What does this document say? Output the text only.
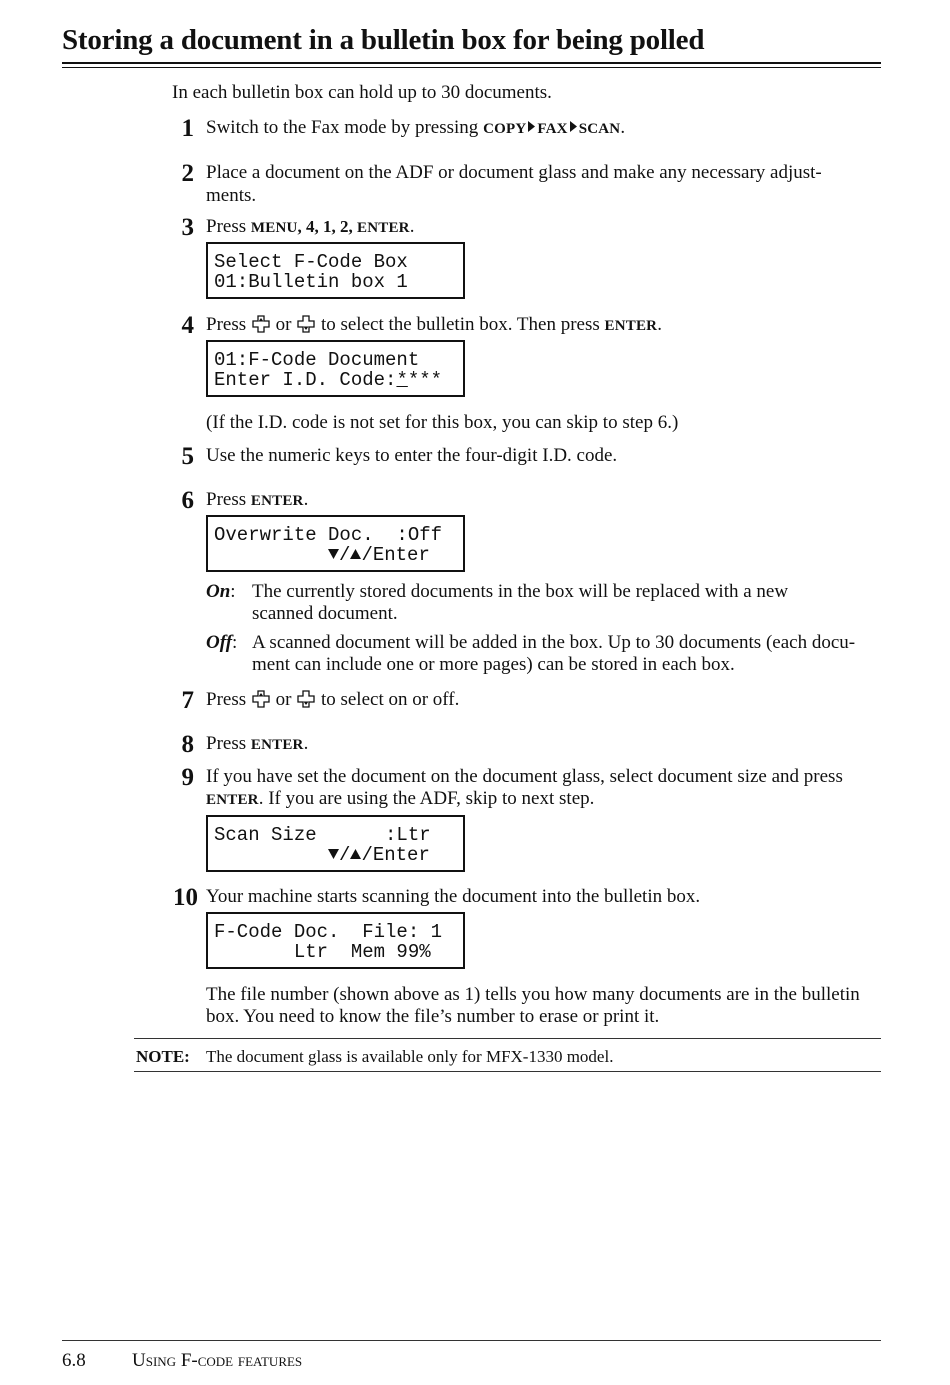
Storing a document in a bulletin box for being polled
In each bulletin box can hold up to 30 documents.
1 Switch to the Fax mode by pressing COPY FAX SCAN.
2 Place a document on the ADF or document glass and make any necessary adjust-
ments.
3 Press MENU, 4, 1, 2, ENTER.
Select F-Code Box
01:Bulletin box 1
4 Press  or  to select the bulletin box. Then press ENTER.
01:F-Code Document
Enter I.D. Code:****
(If the I.D. code is not set for this box, you can skip to step 6.)
5 Use the numeric keys to enter the four-digit I.D. code.
6 Press ENTER.
Overwrite Doc.  :Off

/ /Enter
On: The currently stored documents in the box will be replaced with a new
scanned document.
Off: A scanned document will be added in the box. Up to 30 documents (each docu-
ment can include one or more pages) can be stored in each box.
7 Press  or  to select on or off.
8 Press ENTER.
9 If you have set the document on the document glass, select document size and press
ENTER. If you are using the ADF, skip to next step.
Scan Size      :Ltr

/ /Enter
10 Your machine starts scanning the document into the bulletin box.
F-Code Doc.  File: 1
Ltr  Mem 99%
The file number (shown above as 1) tells you how many documents are in the bulletin
box. You need to know the file’s number to erase or print it.
NOTE: The document glass is available only for MFX-1330 model.
6.8 Using F-code features
